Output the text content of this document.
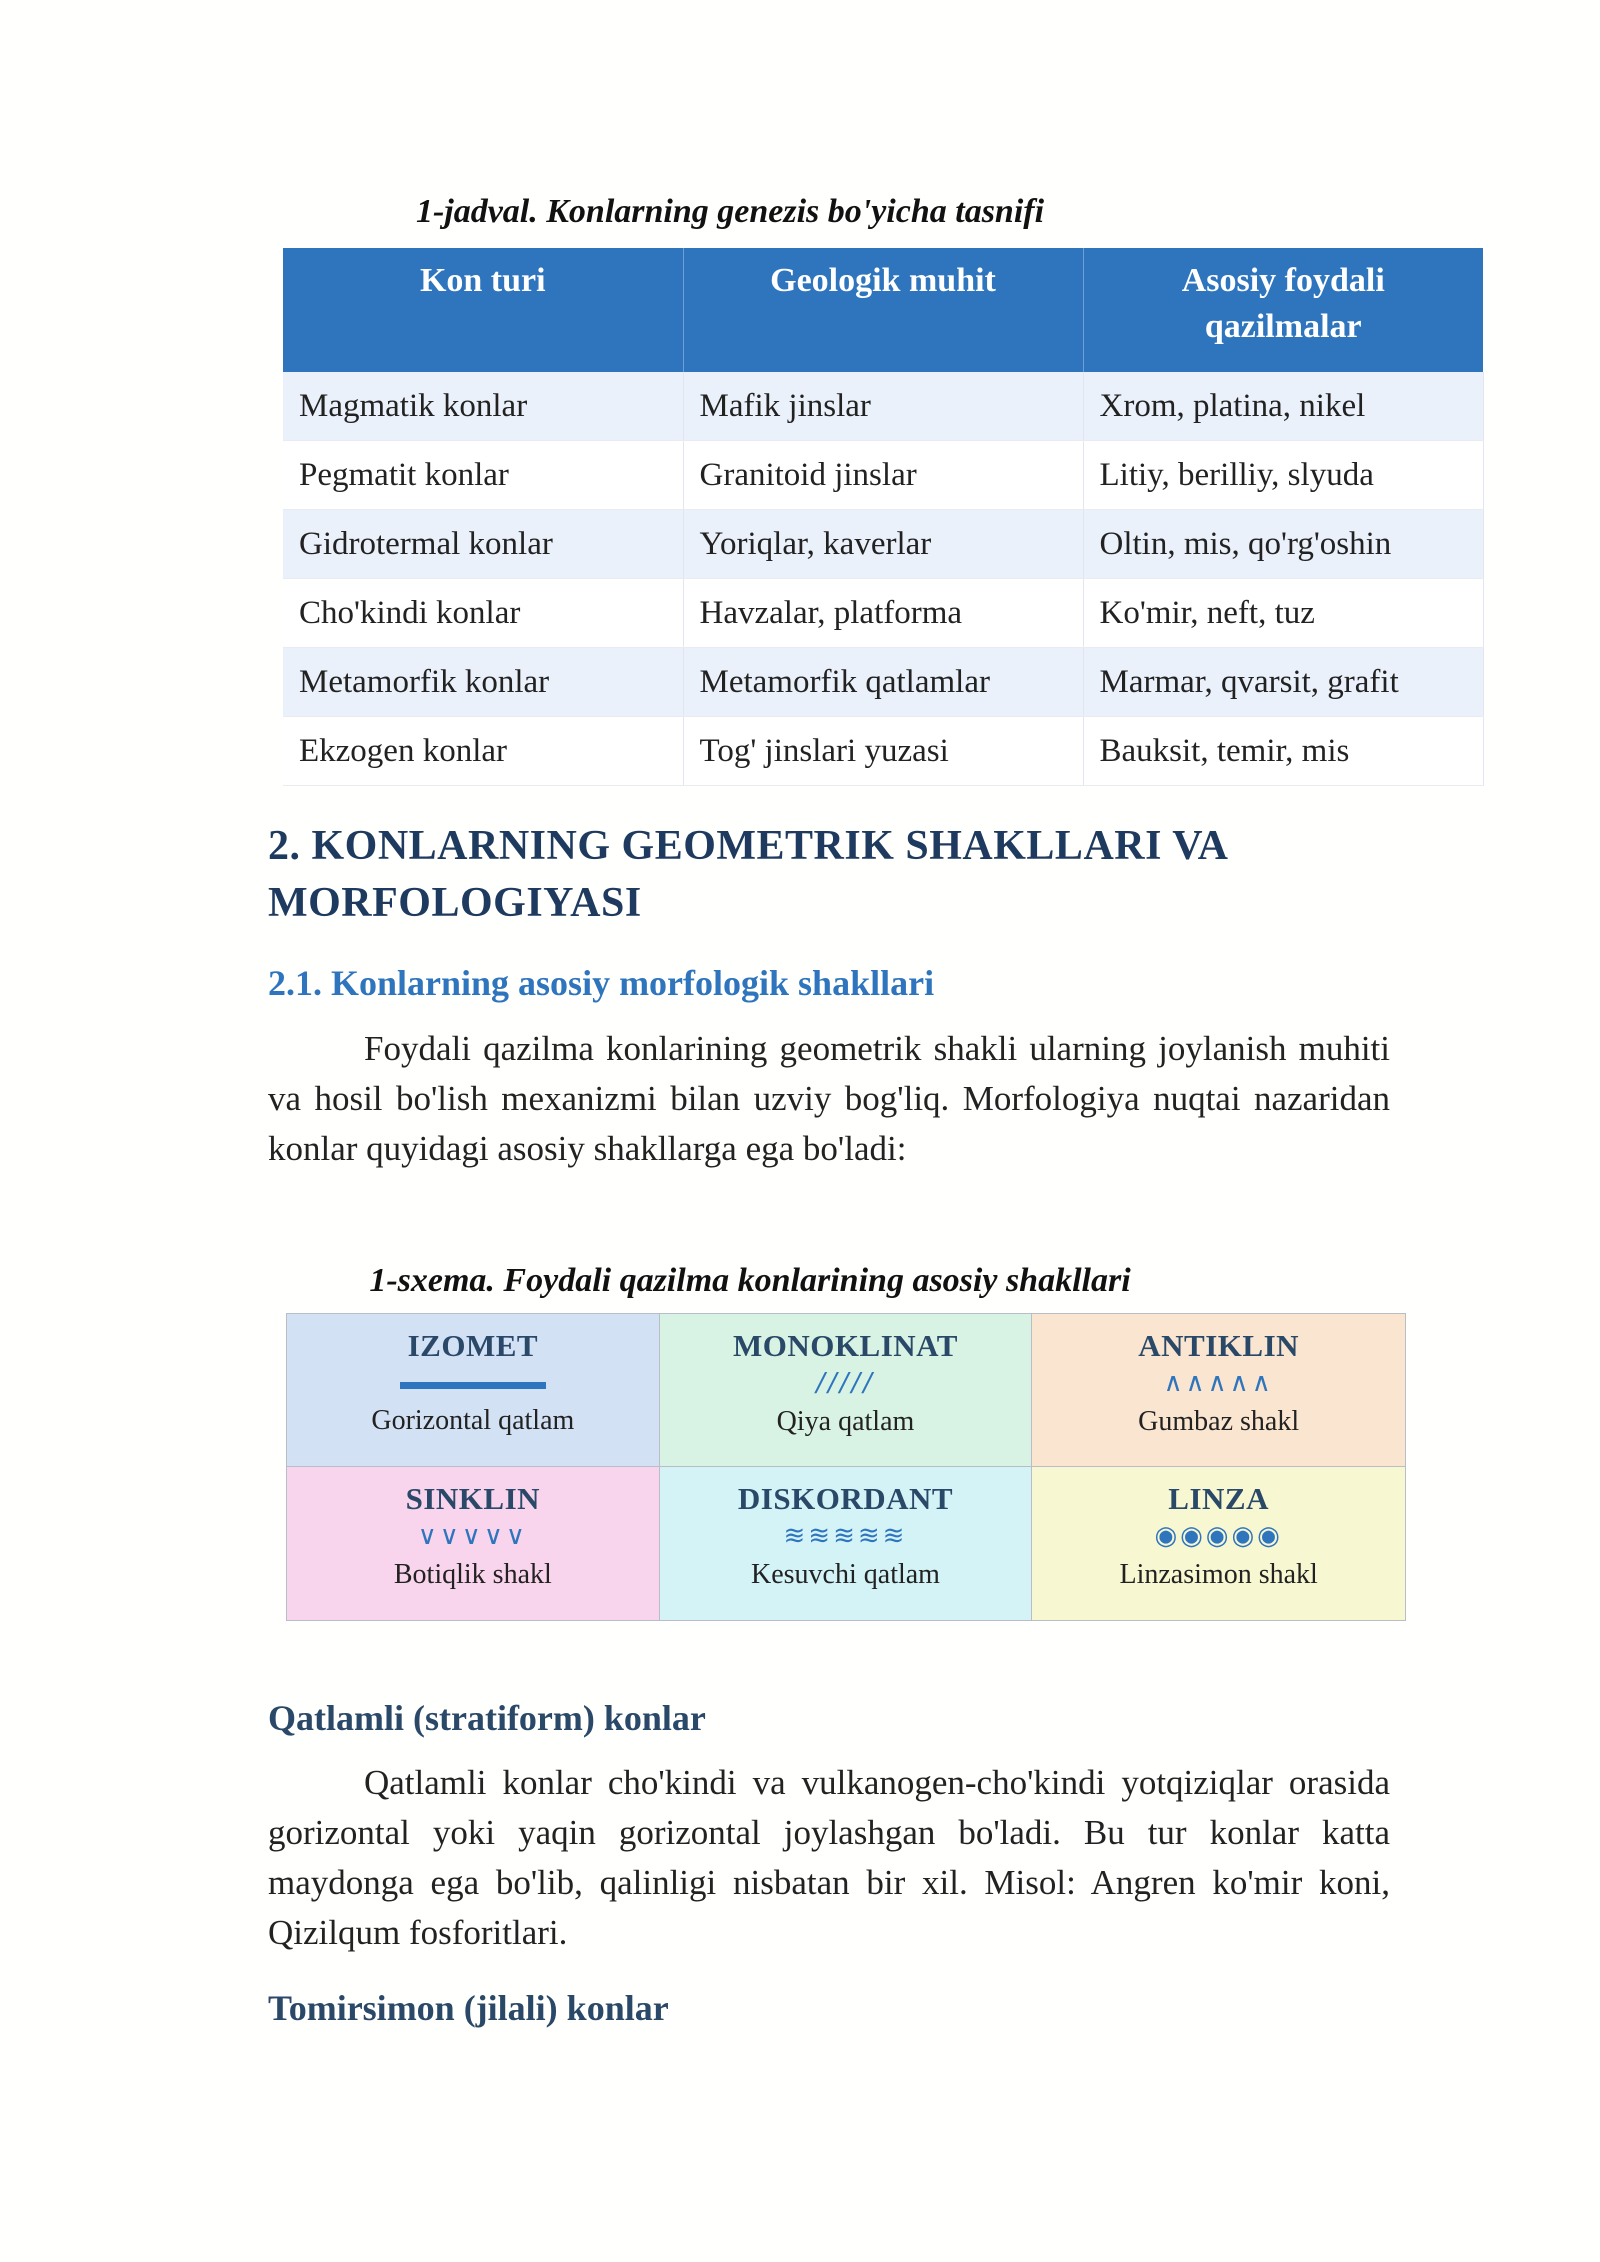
1-jadval. Konlarning genezis bo'yicha tasnifi
Kon turi	Geologik muhit	Asosiy foydali qazilmalar
Magmatik konlar	Mafik jinslar	Xrom, platina, nikel
Pegmatit konlar	Granitoid jinslar	Litiy, berilliy, slyuda
Gidrotermal konlar	Yoriqlar, kaverlar	Oltin, mis, qo'rg'oshin
Cho'kindi konlar	Havzalar, platforma	Ko'mir, neft, tuz
Metamorfik konlar	Metamorfik qatlamlar	Marmar, qvarsit, grafit
Ekzogen konlar	Tog' jinslari yuzasi	Bauksit, temir, mis
2. KONLARNING GEOMETRIK SHAKLLARI VA MORFOLOGIYASI
2.1. Konlarning asosiy morfologik shakllari
Foydali qazilma konlarining geometrik shakli ularning joylanish muhiti va hosil bo'lish mexanizmi bilan uzviy bog'liq. Morfologiya nuqtai nazaridan konlar quyidagi asosiy shakllarga ega bo'ladi:
1-sxema. Foydali qazilma konlarining asosiy shakllari
IZOMET
Gorizontal qatlam
MONOKLINAT
/////
Qiya qatlam
ANTIKLIN
∧∧∧∧∧
Gumbaz shakl
SINKLIN
∨∨∨∨∨
Botiqlik shakl
DISKORDANT
≋≋≋≋≋
Kesuvchi qatlam
LINZA
◉◉◉◉◉
Linzasimon shakl
Qatlamli (stratiform) konlar
Qatlamli konlar cho'kindi va vulkanogen-cho'kindi yotqiziqlar orasida gorizontal yoki yaqin gorizontal joylashgan bo'ladi. Bu tur konlar katta maydonga ega bo'lib, qalinligi nisbatan bir xil. Misol: Angren ko'mir koni, Qizilqum fosforitlari.
Tomirsimon (jilali) konlar
